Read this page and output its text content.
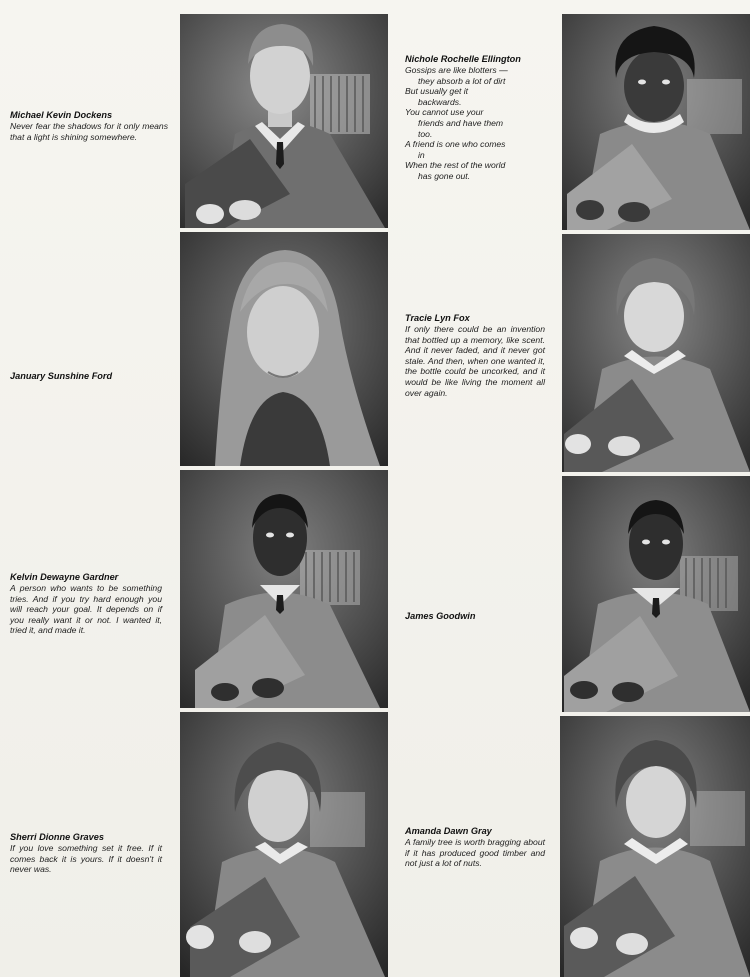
Michael Kevin Dockens
Never fear the shadows for it only means that a light is shining somewhere.
January Sunshine Ford
Kelvin Dewayne Gardner
A person who wants to be something tries. And if you try hard enough you will reach your goal. It depends on if you really want it or not. I wanted it, tried it, and made it.
Sherri Dionne Graves
If you love something set it free. If it comes back it is yours. If it doesn't it never was.
Nichole Rochelle Ellington
Gossips are like blotters —
they absorb a lot of dirt
But usually get it
backwards.
You cannot use your
friends and have them
too.
A friend is one who comes
in
When the rest of the world
has gone out.
Tracie Lyn Fox
If only there could be an invention that bottled up a memory, like scent. And it never faded, and it never got stale. And then, when one wanted it, the bottle could be uncorked, and it would be like living the moment all over again.
James Goodwin
Amanda Dawn Gray
A family tree is worth bragging about if it has produced good timber and not just a lot of nuts.
